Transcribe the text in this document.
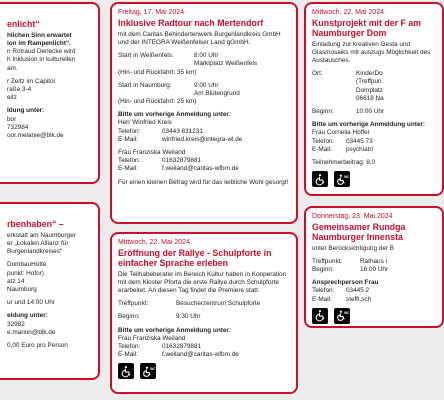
enlicht“

hlichen Sinn erwartet

ion im Rampenlicht“.

n Rotraud Denecke wird

h Inklusion in kulturellen

am.

r Zeitz im Capitol

raße 3-4

eitz

ldung unter:

bor

732984

oor.melanie@blk.de

rbenhaben“ –

erkstatt am Naumburger

er „Lokalen Allianz für

Burgenlandkreises“

DombauHütte

punkt: Hofor)

atz 14

Naumburg

ur und 14:00 Uhr

eldung unter:

32982

e.marion@blk.de

0,00 Euro pro Person

Freitag, 17. Mai 2024
Inklusive Radtour nach Mertendorf

mit dem Caritas Behindertenwerk Burgenlandkreis GmbH und der INTEGRA Weißenfelser Land gGmbH.

Start in Weißenfels:	8:00 Uhr
Marktplatz Weißenfels

(Hin- und Rückfahrt: 35 km)

Start in Naumburg:	9:00 Uhr
Am Blütengrund

(Hin- und Rückfahrt: 25 km)

Bitte um vorherige Anmeldung unter:

Herr Winfried Kreis

Telefon:	03443 831231
E-Mail:	winfried.kreis@integra-wl.de

Frau Franziska Weiland

Telefon:	01632879881
E-Mail:	f.weiland@caritas-wfbm.de

Für einen kleinen Betrag wird für das leibliche Wohl gesorgt!

Mittwoch, 22. Mai 2024
Eröffnung der Rallye - Schulpforte in einfacher Sprache erleben

Die Teilhabeberater im Bereich Kultur haben in Kooperation mit dem Kloster Pforta die erste Rallye durch Schulpforte erarbeitet. An diesen Tag findet die Premiere statt.

Treffpunkt:	Besucherzentrum Schulpforte
Beginn:	9:30 Uhr

Bitte um vorherige Anmeldung unter:

Frau Franziska Weiland

Telefon:	01632879881
E-Mail:	f.weiland@caritas-wfbm.de
WC
Mittwoch, 22. Mai 2024
Kunstprojekt mit der F am Naumburger Dom

Einladung zur kreativen Gesta und Glasmosaiks mit auszugs Möglichkeit des Austausches.

Ort:	KinderDo

(Treffpun

Domplatz

06618 Na

Beginn:	10:00 Uhr

Bitte um vorherige Anmeldung unter:

Frau Cornelia Hoffer

Telefon:	03445 73
E-Mail:	psychiatri

Teilnehmerbeitrag: 8,0

WC
Donnerstag, 23. Mai 2024
Gemeinsamer Rundga Naumburger Innensta

unter Berücksichtigung der B

Treffpunkt:	Rathaus i
Beginn:	16:00 Uhr

Ansprechperson Frau

Telefon:	03445 2
E-Mail:	steffi.sch
WC
